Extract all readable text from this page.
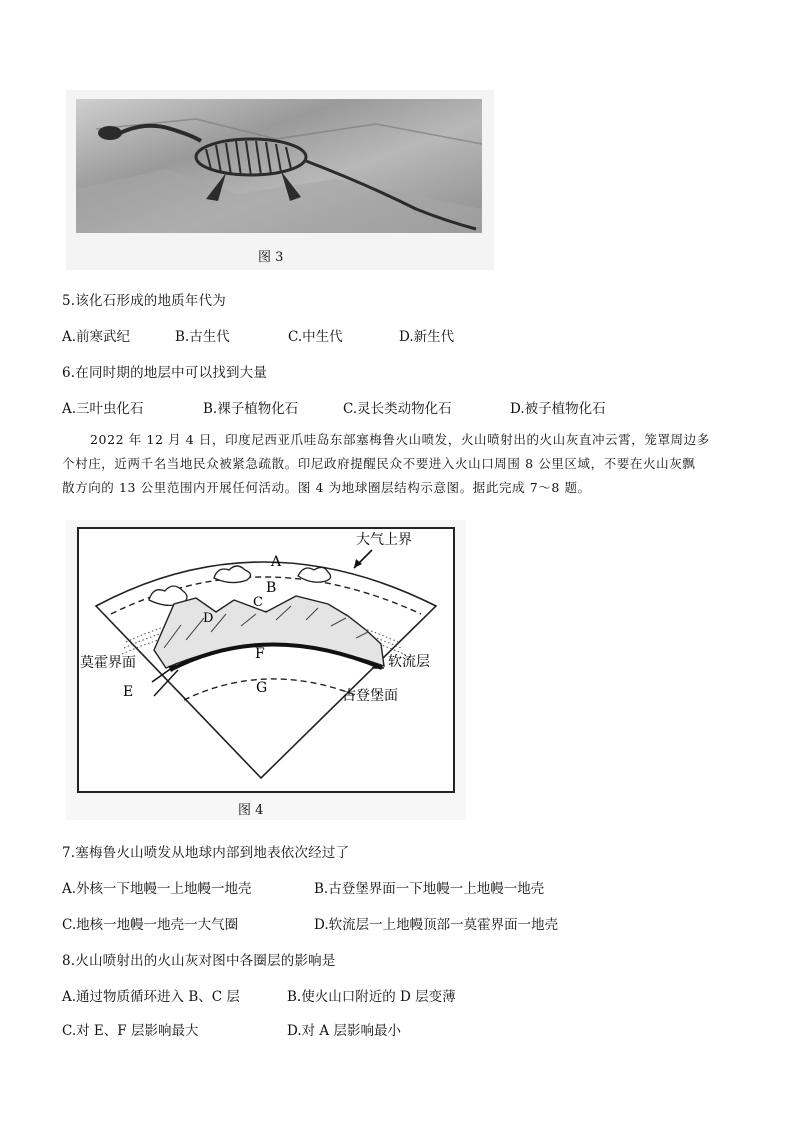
图 3
5.该化石形成的地质年代为
A.前寒武纪	B.古生代	C.中生代	D.新生代
6.在同时期的地层中可以找到大量
A.三叶虫化石	B.裸子植物化石	C.灵长类动物化石	D.被子植物化石
2022 年 12 月 4 日，印度尼西亚爪哇岛东部塞梅鲁火山喷发，火山喷射出的火山灰直冲云霄，笼罩周边多
个村庄，近两千名当地民众被紧急疏散。印尼政府提醒民众不要进入火山口周围 8 公里区域，不要在火山灰飘
散方向的 13 公里范围内开展任何活动。图 4 为地球圈层结构示意图。据此完成 7～8 题。
大气上界
A
B
C
D
E
F
G
莫霍界面	软流层
古登堡面
图 4
7.塞梅鲁火山喷发从地球内部到地表依次经过了
A.外核一下地幔一上地幔一地壳	B.古登堡界面一下地幔一上地幔一地壳
C.地核一地幔一地壳一大气圈	D.软流层一上地幔顶部一莫霍界面一地壳
8.火山喷射出的火山灰对图中各圈层的影响是
A.通过物质循环进入 B、C 层	B.使火山口附近的 D 层变薄
C.对 E、F 层影响最大	D.对 A 层影响最小
